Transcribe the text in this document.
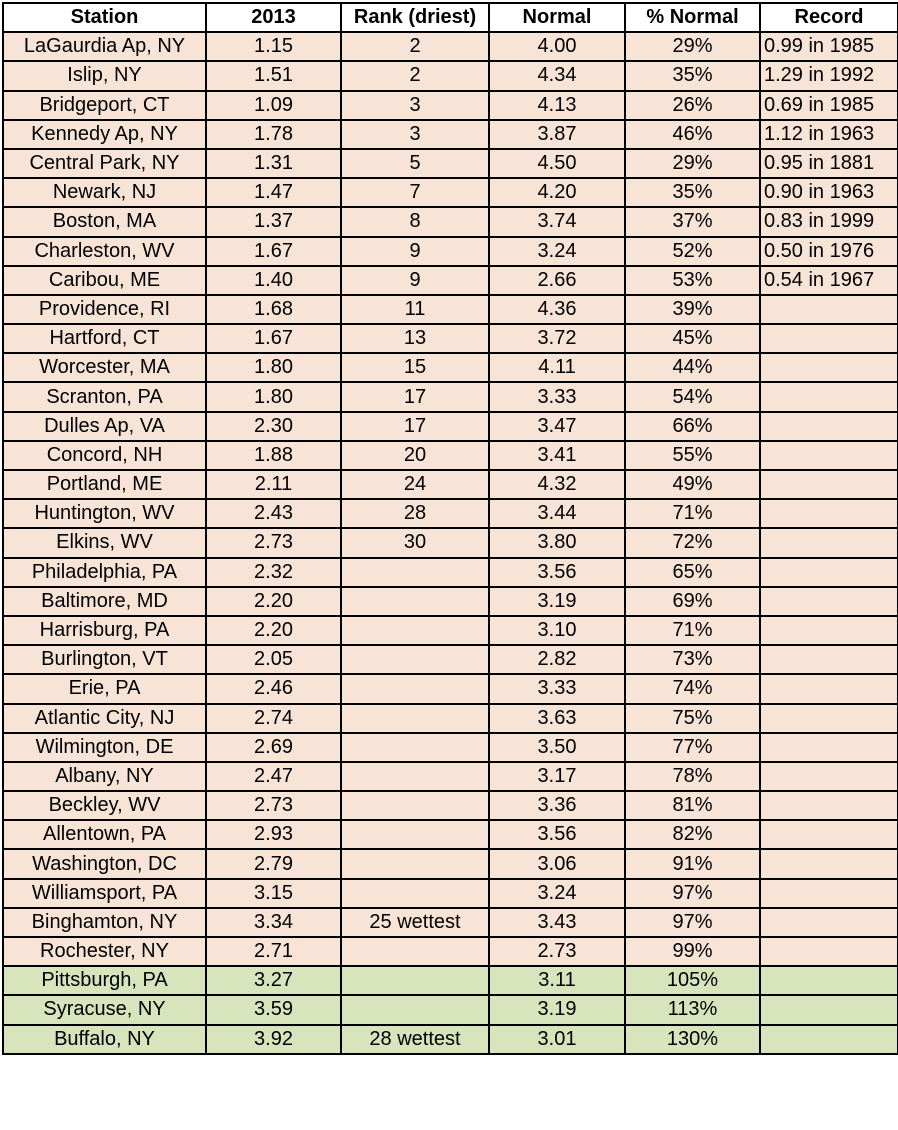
Station	2013	Rank (driest)	Normal	% Normal	Record
LaGaurdia Ap, NY	1.15	2	4.00	29%	0.99 in 1985
Islip, NY	1.51	2	4.34	35%	1.29 in 1992
Bridgeport, CT	1.09	3	4.13	26%	0.69 in 1985
Kennedy Ap, NY	1.78	3	3.87	46%	1.12 in 1963
Central Park, NY	1.31	5	4.50	29%	0.95 in 1881
Newark, NJ	1.47	7	4.20	35%	0.90 in 1963
Boston, MA	1.37	8	3.74	37%	0.83 in 1999
Charleston, WV	1.67	9	3.24	52%	0.50 in 1976
Caribou, ME	1.40	9	2.66	53%	0.54 in 1967
Providence, RI	1.68	11	4.36	39%	
Hartford, CT	1.67	13	3.72	45%	
Worcester, MA	1.80	15	4.11	44%	
Scranton, PA	1.80	17	3.33	54%	
Dulles Ap, VA	2.30	17	3.47	66%	
Concord, NH	1.88	20	3.41	55%	
Portland, ME	2.11	24	4.32	49%	
Huntington, WV	2.43	28	3.44	71%	
Elkins, WV	2.73	30	3.80	72%	
Philadelphia, PA	2.32		3.56	65%	
Baltimore, MD	2.20		3.19	69%	
Harrisburg, PA	2.20		3.10	71%	
Burlington, VT	2.05		2.82	73%	
Erie, PA	2.46		3.33	74%	
Atlantic City, NJ	2.74		3.63	75%	
Wilmington, DE	2.69		3.50	77%	
Albany, NY	2.47		3.17	78%	
Beckley, WV	2.73		3.36	81%	
Allentown, PA	2.93		3.56	82%	
Washington, DC	2.79		3.06	91%	
Williamsport, PA	3.15		3.24	97%	
Binghamton, NY	3.34	25 wettest	3.43	97%	
Rochester, NY	2.71		2.73	99%	
Pittsburgh, PA	3.27		3.11	105%	
Syracuse, NY	3.59		3.19	113%	
Buffalo, NY	3.92	28 wettest	3.01	130%	
